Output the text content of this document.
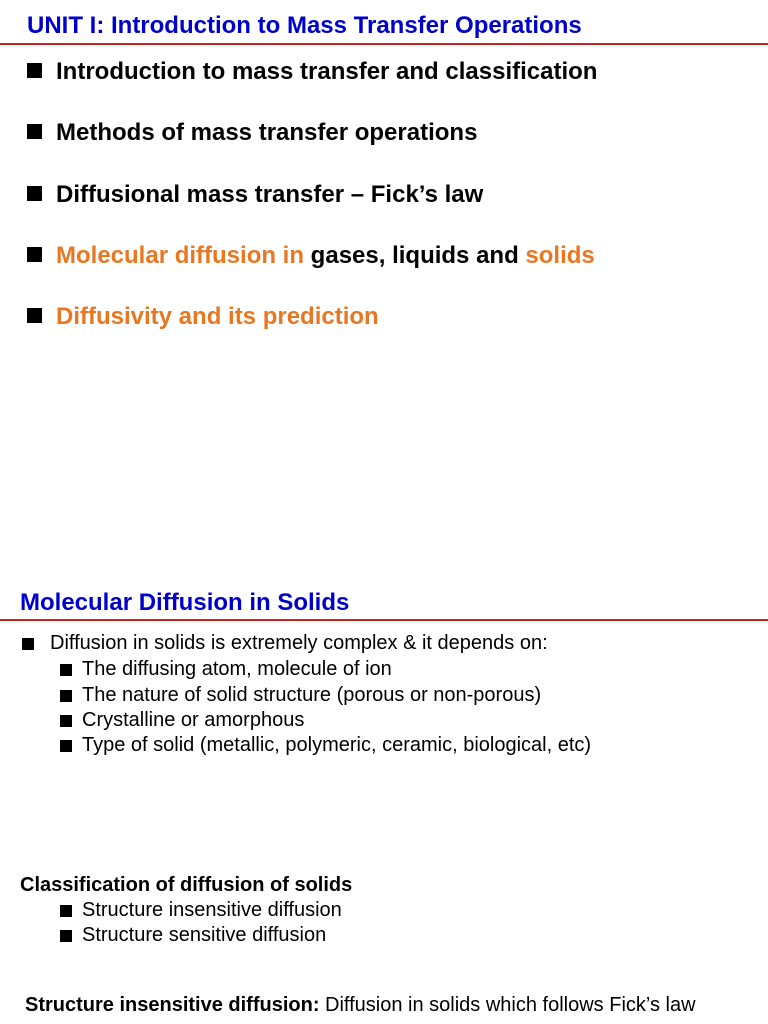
UNIT I: Introduction to Mass Transfer Operations
Introduction to mass transfer and classification
Methods of mass transfer operations
Diffusional mass transfer – Fick’s law
Molecular diffusion in gases, liquids and solids
Diffusivity and its prediction
Molecular Diffusion in Solids
Diffusion in solids is extremely complex & it depends on:
The diffusing atom, molecule of ion
The nature of solid structure (porous or non-porous)
Crystalline or amorphous
Type of solid (metallic, polymeric, ceramic, biological, etc)
Classification of diffusion of solids
Structure insensitive diffusion
Structure sensitive diffusion
Structure insensitive diffusion: Diffusion in solids which follows Fick’s law
